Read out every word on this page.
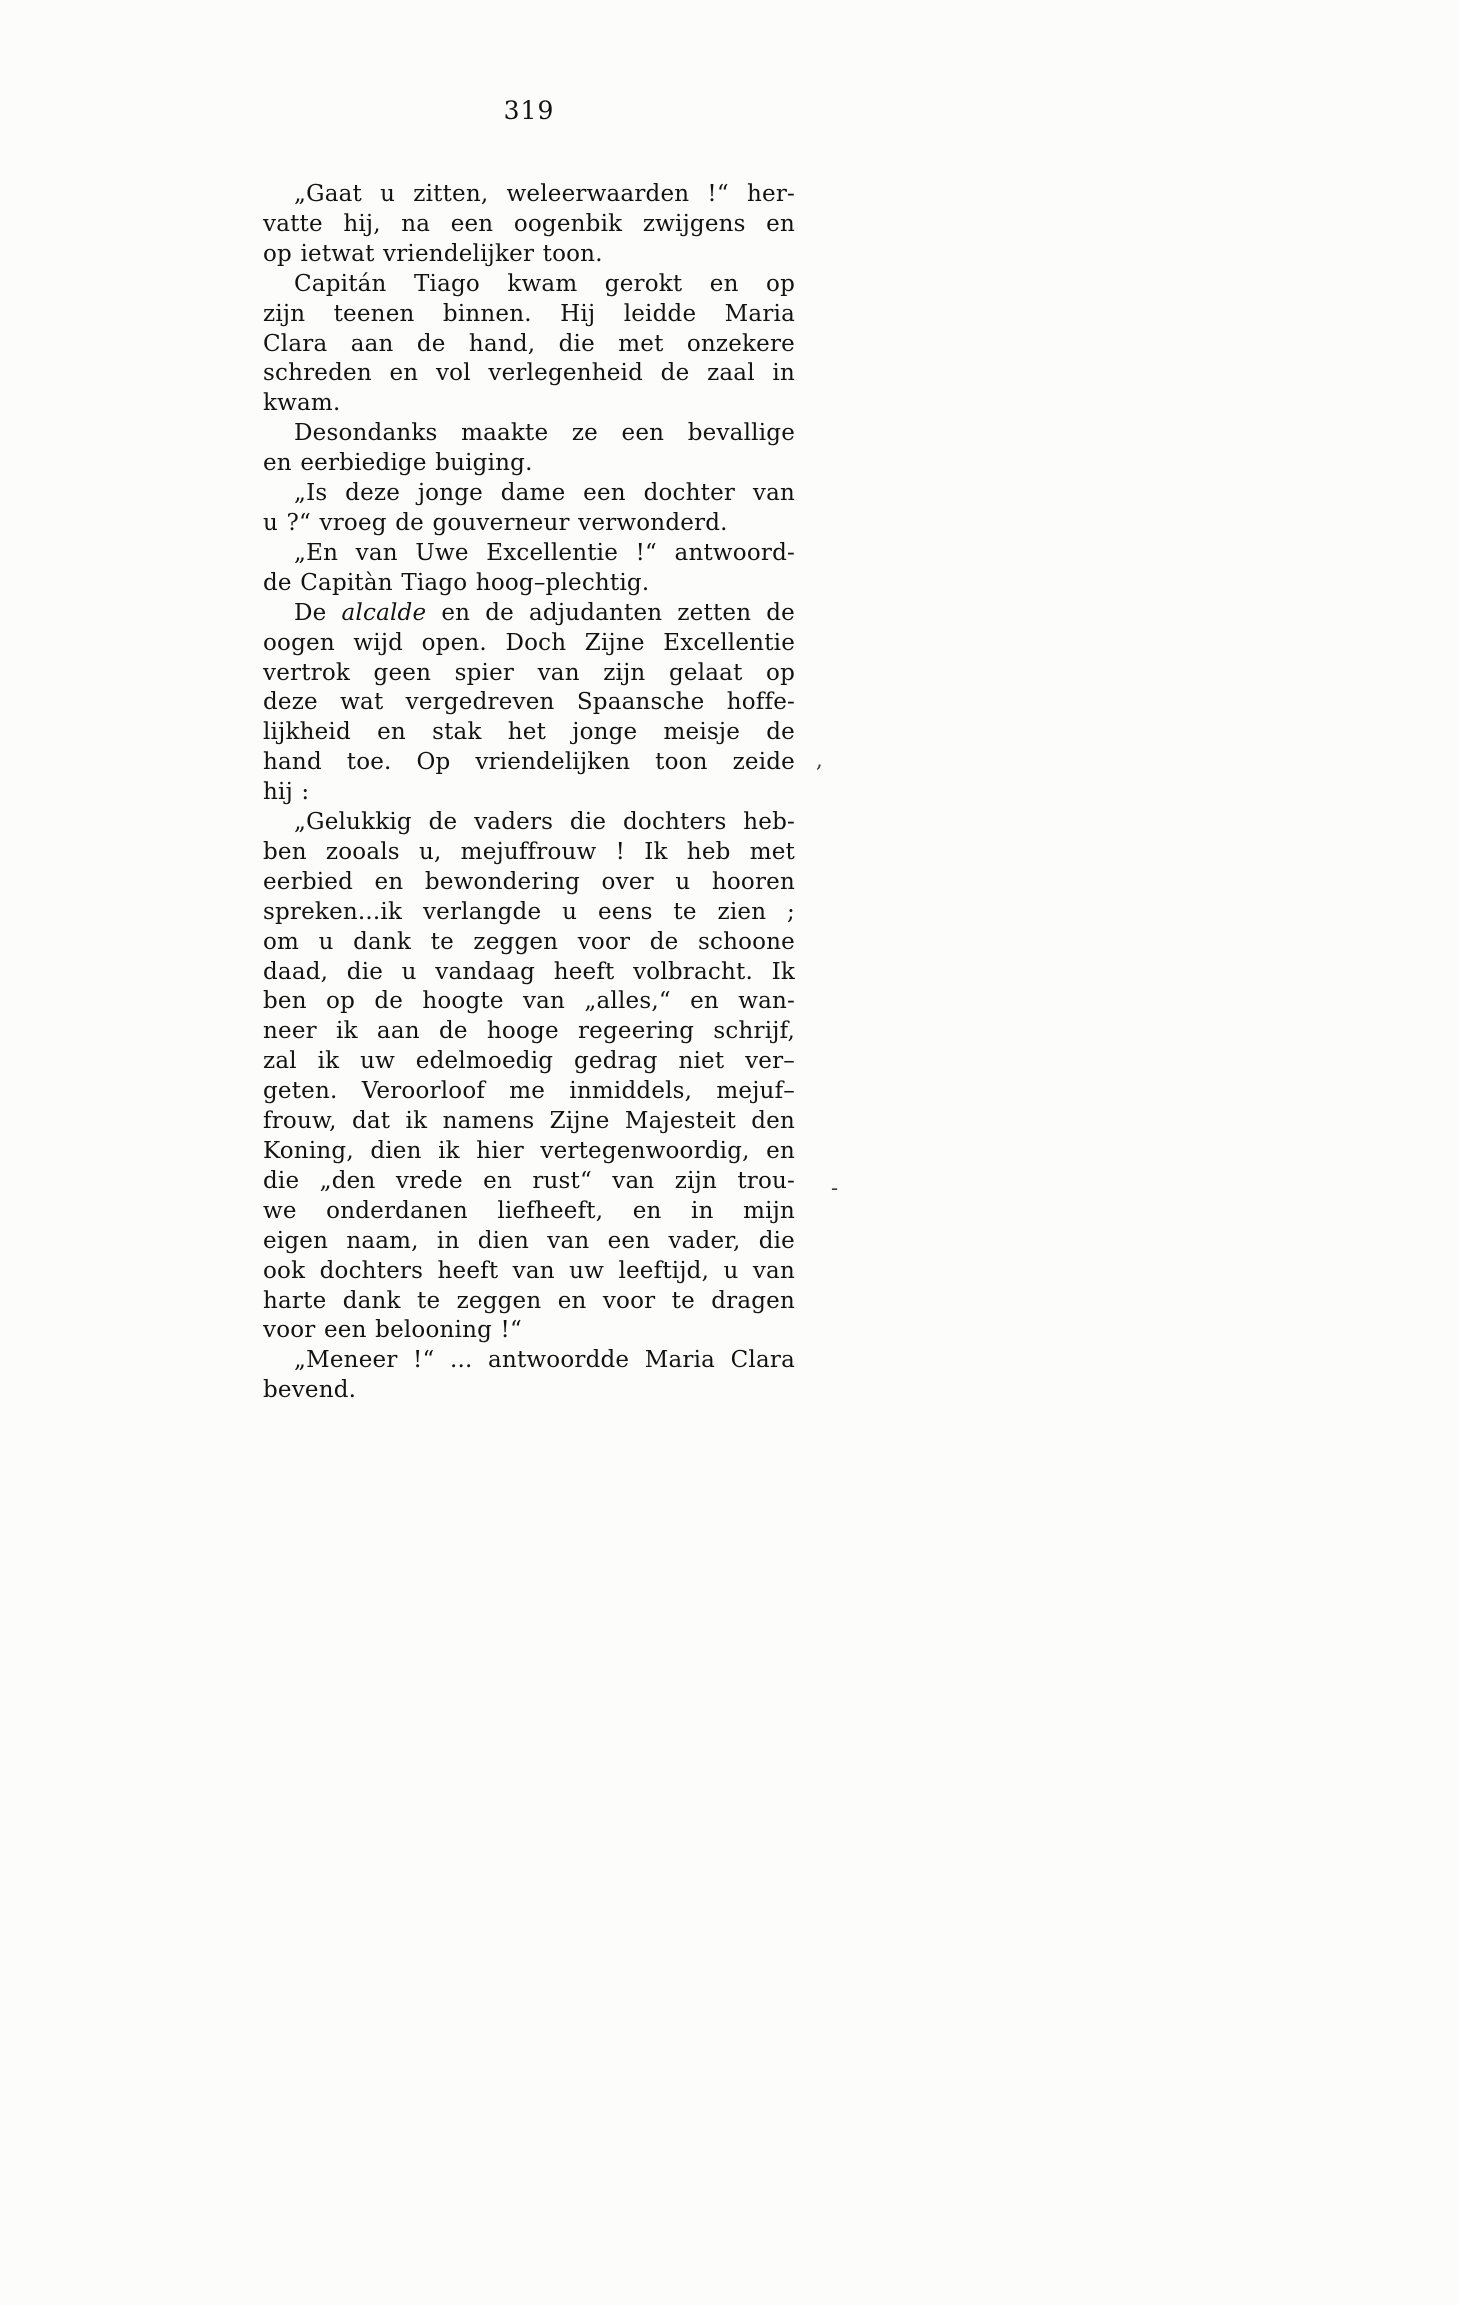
319
„Gaat u zitten, weleerwaarden !“ her-
vatte hij, na een oogenbik zwijgens en
op ietwat vriendelijker toon.
Capitán Tiago kwam gerokt en op
zijn teenen binnen. Hij leidde Maria
Clara aan de hand, die met onzekere
schreden en vol verlegenheid de zaal in
kwam.
Desondanks maakte ze een bevallige
en eerbiedige buiging.
„Is deze jonge dame een dochter van
u ?“ vroeg de gouverneur verwonderd.
„En van Uwe Excellentie !“ antwoord-
de Capitàn Tiago hoog–plechtig.
De alcalde en de adjudanten zetten de
oogen wijd open. Doch Zijne Excellentie
vertrok geen spier van zijn gelaat op
deze wat vergedreven Spaansche hoffe-
lijkheid en stak het jonge meisje de
hand toe. Op vriendelijken toon zeide
hij :
„Gelukkig de vaders die dochters heb-
ben zooals u, mejuffrouw ! Ik heb met
eerbied en bewondering over u hooren
spreken...ik verlangde u eens te zien ;
om u dank te zeggen voor de schoone
daad, die u vandaag heeft volbracht. Ik
ben op de hoogte van „alles,“ en wan-
neer ik aan de hooge regeering schrijf,
zal ik uw edelmoedig gedrag niet ver–
geten. Veroorloof me inmiddels, mejuf–
frouw, dat ik namens Zijne Majesteit den
Koning, dien ik hier vertegenwoordig, en
die „den vrede en rust“ van zijn trou-
we onderdanen liefheeft, en in mijn
eigen naam, in dien van een vader, die
ook dochters heeft van uw leeftijd, u van
harte dank te zeggen en voor te dragen
voor een belooning !“
„Meneer !“ ... antwoordde Maria Clara
bevend.
,
-
